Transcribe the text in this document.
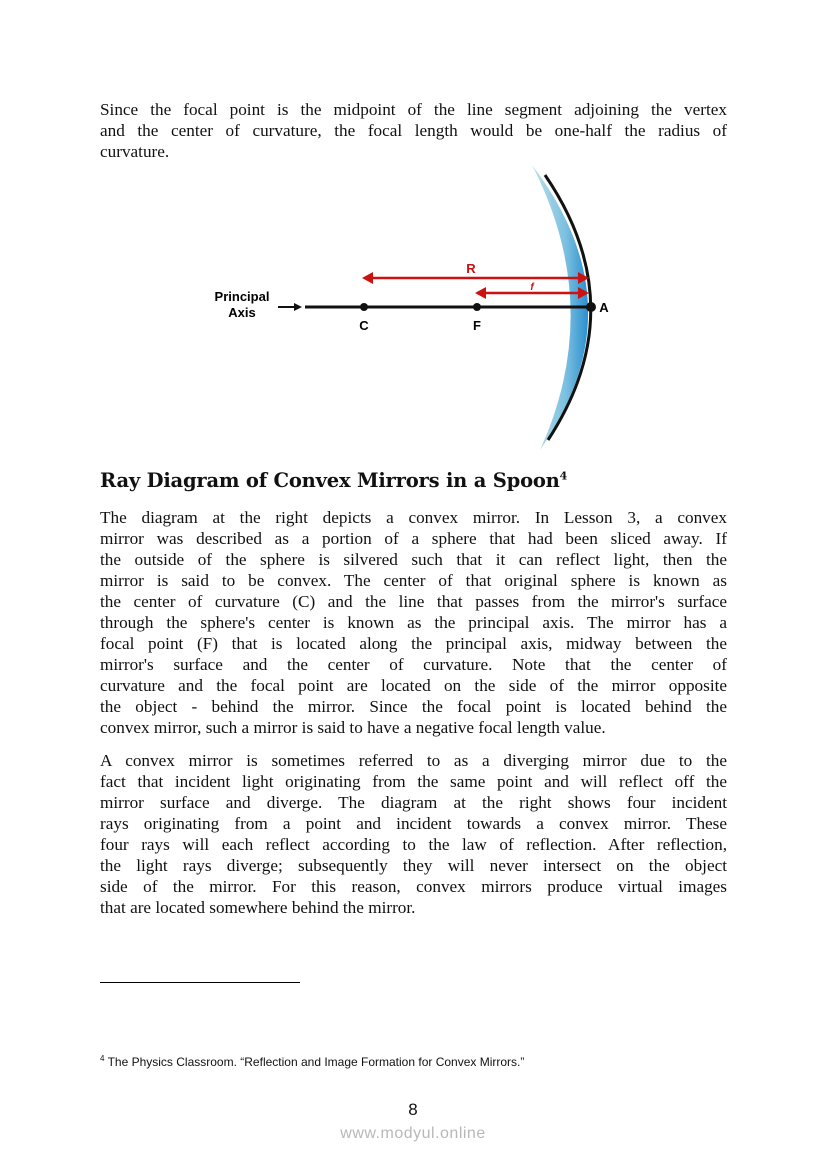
Since the focal point is the midpoint of the line segment adjoining the vertex
and the center of curvature, the focal length would be one-half the radius of
curvature.
Principal
Axis
C	F
A
R
f
Ray Diagram of Convex Mirrors in a Spoon$^4$
The diagram at the right depicts a convex mirror. In Lesson 3, a convex
mirror was described as a portion of a sphere that had been sliced away. If
the outside of the sphere is silvered such that it can reflect light, then the
mirror is said to be convex. The center of that original sphere is known as
the center of curvature (C) and the line that passes from the mirror's surface
through the sphere's center is known as the principal axis. The mirror has a
focal point (F) that is located along the principal axis, midway between the
mirror's surface and the center of curvature. Note that the center of
curvature and the focal point are located on the side of the mirror opposite
the object - behind the mirror. Since the focal point is located behind the
convex mirror, such a mirror is said to have a negative focal length value.
A convex mirror is sometimes referred to as a diverging mirror due to the
fact that incident light originating from the same point and will reflect off the
mirror surface and diverge. The diagram at the right shows four incident
rays originating from a point and incident towards a convex mirror. These
four rays will each reflect according to the law of reflection. After reflection,
the light rays diverge; subsequently they will never intersect on the object
side of the mirror. For this reason, convex mirrors produce virtual images
that are located somewhere behind the mirror.
$^4$ The Physics Classroom. “Reflection and Image Formation for Convex Mirrors.”
8
www.modyul.online
